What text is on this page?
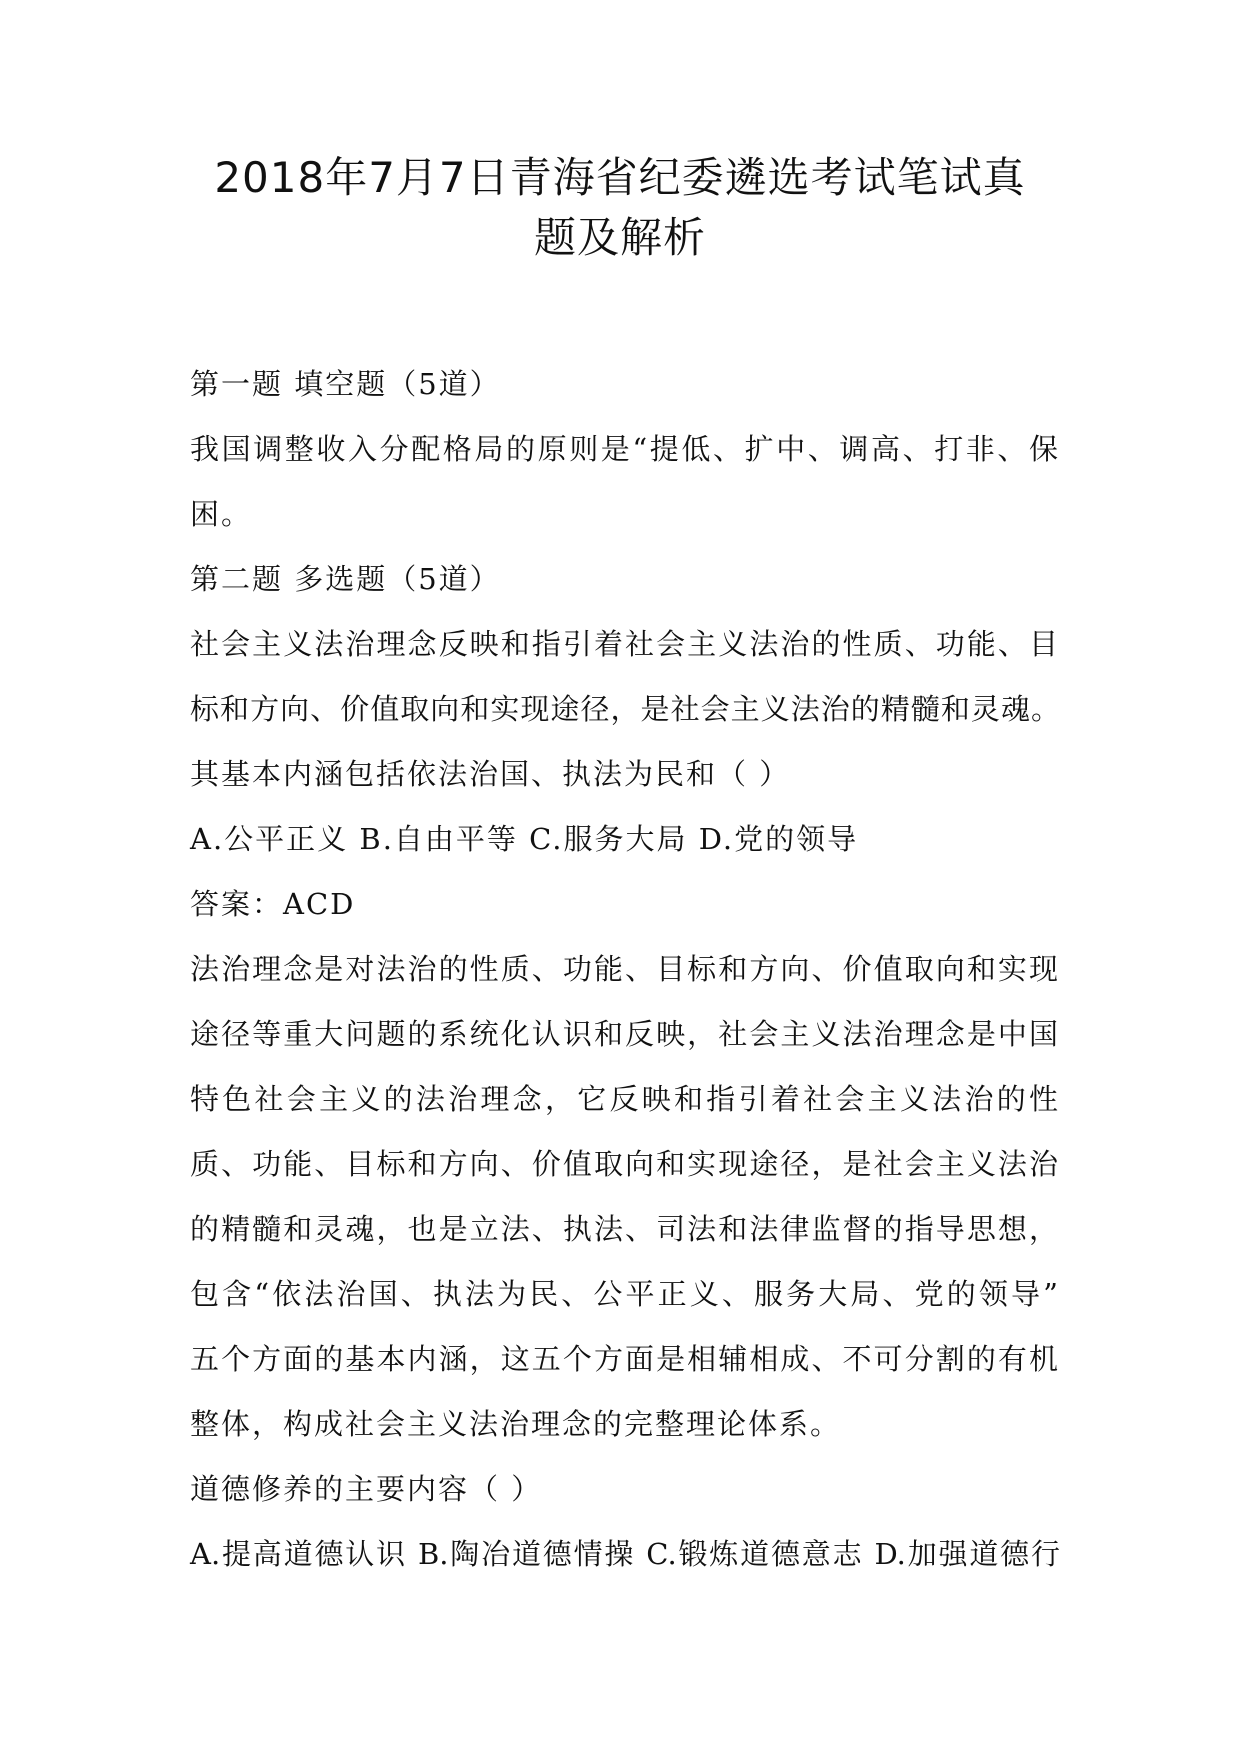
2018年7月7日青海省纪委遴选考试笔试真
题及解析
第一题 填空题（5道）
我国调整收入分配格局的原则是“提低、扩中、调高、打非、保
困。
第二题 多选题（5道）
社会主义法治理念反映和指引着社会主义法治的性质、功能、目
标和方向、价值取向和实现途径，是社会主义法治的精髓和灵魂。
其基本内涵包括依法治国、执法为民和（ ）
A.公平正义 B.自由平等 C.服务大局 D.党的领导
答案：ACD
法治理念是对法治的性质、功能、目标和方向、价值取向和实现
途径等重大问题的系统化认识和反映，社会主义法治理念是中国
特色社会主义的法治理念，它反映和指引着社会主义法治的性
质、功能、目标和方向、价值取向和实现途径，是社会主义法治
的精髓和灵魂，也是立法、执法、司法和法律监督的指导思想，
包含“依法治国、执法为民、公平正义、服务大局、党的领导”
五个方面的基本内涵，这五个方面是相辅相成、不可分割的有机
整体，构成社会主义法治理念的完整理论体系。
道德修养的主要内容（ ）
A.提高道德认识 B.陶冶道德情操 C.锻炼道德意志 D.加强道德行
